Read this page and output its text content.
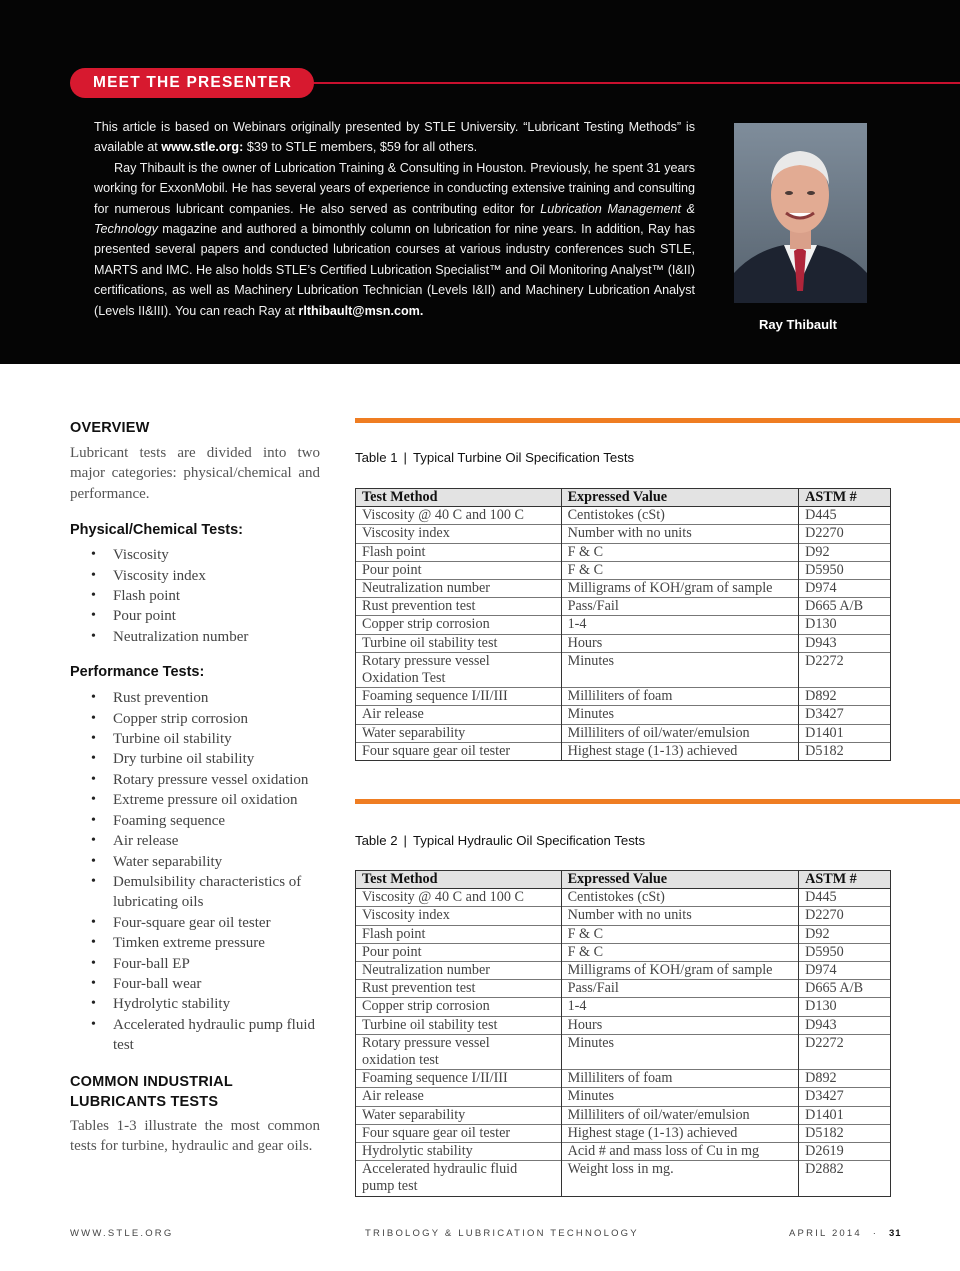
MEET THE PRESENTER

This article is based on Webinars originally presented by STLE University. “Lubricant Testing Methods” is available at www.stle.org: $39 to STLE members, $59 for all others.

Ray Thibault is the owner of Lubrication Training & Consulting in Houston. Previously, he spent 31 years working for ExxonMobil. He has several years of experience in conducting extensive training and consulting for numerous lubricant companies. He also served as contributing editor for Lubrication Management & Technology magazine and authored a bimonthly column on lubrication for nine years. In addition, Ray has presented several papers and conducted lubrication courses at various industry conferences such STLE, MARTS and IMC. He also holds STLE’s Certified Lubrication Specialist™ and Oil Monitoring Analyst™ (I&II) certifications, as well as Machinery Lubrication Technician (Levels I&II) and Machinery Lubrication Analyst (Levels II&III). You can reach Ray at rlthibault@msn.com.

Ray Thibault
OVERVIEW

Lubricant tests are divided into two major categories: physical/chemical and performance.

Physical/Chemical Tests:
• Viscosity
• Viscosity index
• Flash point
• Pour point
• Neutralization number
Performance Tests:
• Rust prevention
• Copper strip corrosion
• Turbine oil stability
• Dry turbine oil stability
• Rotary pressure vessel oxidation
• Extreme pressure oil oxidation
• Foaming sequence
• Air release
• Water separability
• Demulsibility characteristics of lubricating oils
• Four-square gear oil tester
• Timken extreme pressure
• Four-ball EP
• Four-ball wear
• Hydrolytic stability
• Accelerated hydraulic pump fluid test
COMMON INDUSTRIAL LUBRICANTS TESTS

Tables 1-3 illustrate the most common tests for turbine, hydraulic and gear oils.

Table 1 | Typical Turbine Oil Specification Tests
Test Method	Expressed Value	ASTM #
Viscosity @ 40 C and 100 C	Centistokes (cSt)	D445
Viscosity index	Number with no units	D2270
Flash point	F & C	D92
Pour point	F & C	D5950
Neutralization number	Milligrams of KOH/gram of sample	D974
Rust prevention test	Pass/Fail	D665 A/B
Copper strip corrosion	1-4	D130
Turbine oil stability test	Hours	D943
Rotary pressure vessel
Oxidation Test	Minutes	D2272
Foaming sequence I/II/III	Milliliters of foam	D892
Air release	Minutes	D3427
Water separability	Milliliters of oil/water/emulsion	D1401
Four square gear oil tester	Highest stage (1-13) achieved	D5182
Table 2 | Typical Hydraulic Oil Specification Tests
Test Method	Expressed Value	ASTM #
Viscosity @ 40 C and 100 C	Centistokes (cSt)	D445
Viscosity index	Number with no units	D2270
Flash point	F & C	D92
Pour point	F & C	D5950
Neutralization number	Milligrams of KOH/gram of sample	D974
Rust prevention test	Pass/Fail	D665 A/B
Copper strip corrosion	1-4	D130
Turbine oil stability test	Hours	D943
Rotary pressure vessel
oxidation test	Minutes	D2272
Foaming sequence I/II/III	Milliliters of foam	D892
Air release	Minutes	D3427
Water separability	Milliliters of oil/water/emulsion	D1401
Four square gear oil tester	Highest stage (1-13) achieved	D5182
Hydrolytic stability	Acid # and mass loss of Cu in mg	D2619
Accelerated hydraulic fluid
pump test	Weight loss in mg.	D2882
WWW.STLE.ORG	TRIBOLOGY & LUBRICATION TECHNOLOGY	APRIL 2014 · 31
